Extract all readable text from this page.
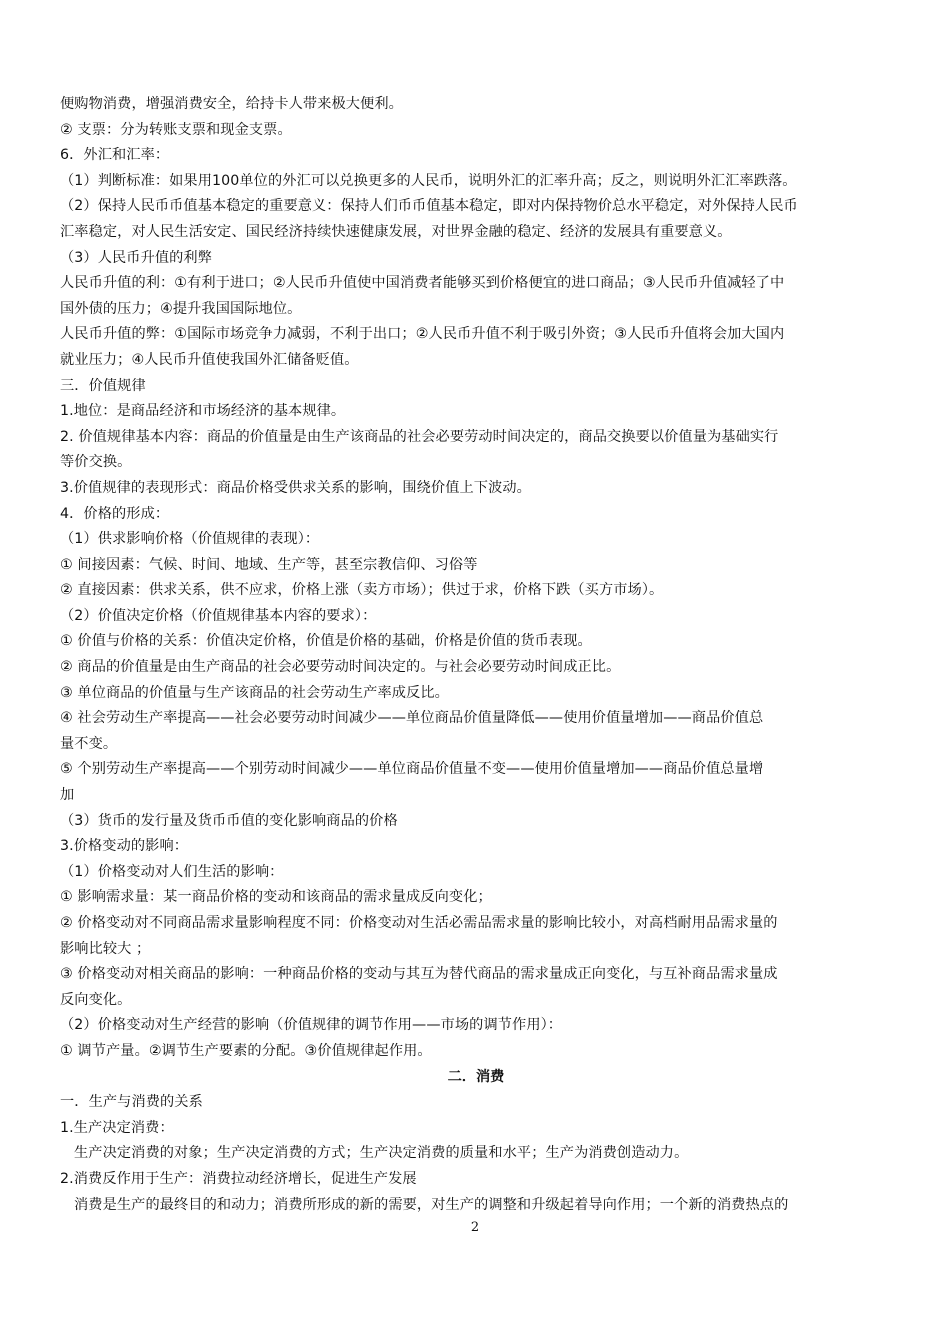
便购物消费，增强消费安全，给持卡人带来极大便利。
② 支票：分为转账支票和现金支票。
6．外汇和汇率：
（1）判断标准：如果用100单位的外汇可以兑换更多的人民币，说明外汇的汇率升高；反之，则说明外汇汇率跌落。
（2）保持人民币币值基本稳定的重要意义：保持人们币币值基本稳定，即对内保持物价总水平稳定，对外保持人民币
汇率稳定，对人民生活安定、国民经济持续快速健康发展，对世界金融的稳定、经济的发展具有重要意义。
（3）人民币升值的利弊
人民币升值的利：①有利于进口；②人民币升值使中国消费者能够买到价格便宜的进口商品；③人民币升值减轻了中
国外债的压力；④提升我国国际地位。
人民币升值的弊：①国际市场竞争力减弱，不利于出口；②人民币升值不利于吸引外资；③人民币升值将会加大国内
就业压力；④人民币升值使我国外汇储备贬值。
三．价值规律
1.地位：是商品经济和市场经济的基本规律。
2. 价值规律基本内容：商品的价值量是由生产该商品的社会必要劳动时间决定的，商品交换要以价值量为基础实行
等价交换。
3.价值规律的表现形式：商品价格受供求关系的影响，围绕价值上下波动。
4．价格的形成：
（1）供求影响价格（价值规律的表现）：
① 间接因素：气候、时间、地域、生产等，甚至宗教信仰、习俗等
② 直接因素：供求关系，供不应求，价格上涨（卖方市场）；供过于求，价格下跌（买方市场）。
（2）价值决定价格（价值规律基本内容的要求）：
① 价值与价格的关系：价值决定价格，价值是价格的基础，价格是价值的货币表现。
② 商品的价值量是由生产商品的社会必要劳动时间决定的。与社会必要劳动时间成正比。
③ 单位商品的价值量与生产该商品的社会劳动生产率成反比。
④ 社会劳动生产率提高——社会必要劳动时间减少——单位商品价值量降低——使用价值量增加——商品价值总
量不变。
⑤ 个别劳动生产率提高——个别劳动时间减少——单位商品价值量不变——使用价值量增加——商品价值总量增
加
（3）货币的发行量及货币币值的变化影响商品的价格
3.价格变动的影响：
（1）价格变动对人们生活的影响：
① 影响需求量：某一商品价格的变动和该商品的需求量成反向变化；
② 价格变动对不同商品需求量影响程度不同：价格变动对生活必需品需求量的影响比较小，对高档耐用品需求量的
影响比较大 ；
③ 价格变动对相关商品的影响：一种商品价格的变动与其互为替代商品的需求量成正向变化，与互补商品需求量成
反向变化。
（2）价格变动对生产经营的影响（价值规律的调节作用——市场的调节作用）：
① 调节产量。②调节生产要素的分配。③价值规律起作用。
二．消费
一．生产与消费的关系
1.生产决定消费：
生产决定消费的对象；生产决定消费的方式；生产决定消费的质量和水平；生产为消费创造动力。
2.消费反作用于生产：消费拉动经济增长，促进生产发展
消费是生产的最终目的和动力；消费所形成的新的需要，对生产的调整和升级起着导向作用；一个新的消费热点的
2
